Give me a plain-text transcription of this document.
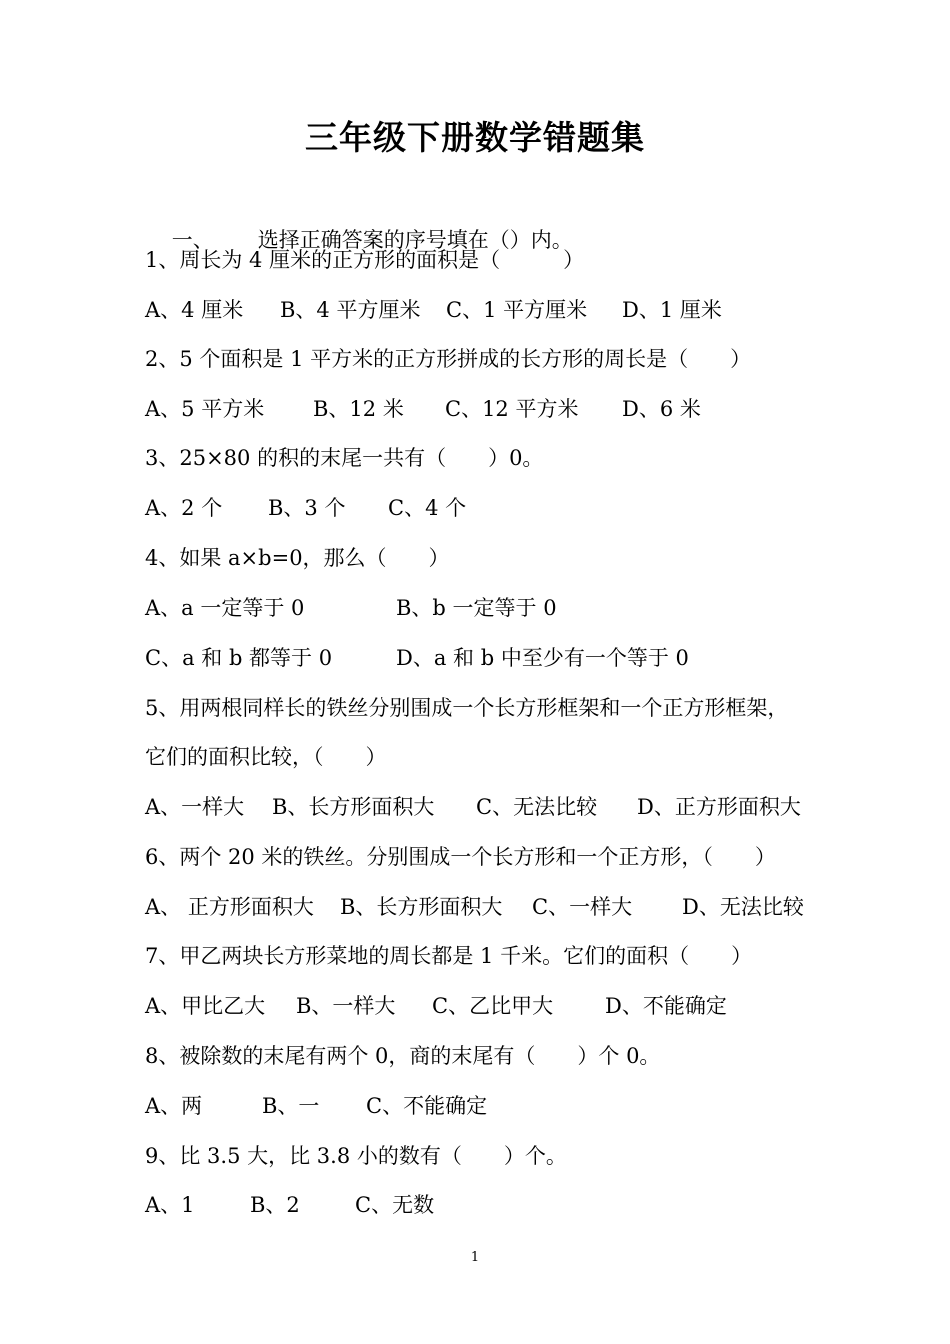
三年级下册数学错题集

一、 选择正确答案的序号填在（）内。

1、周长为 4 厘米的正方形的面积是（　　　）
A、4 厘米 B、4 平方厘米 C、1 平方厘米 D、1 厘米
2、5 个面积是 1 平方米的正方形拼成的长方形的周长是（　　）
A、5 平方米 B、12 米 C、12 平方米 D、6 米
3、25×80 的积的末尾一共有（　　）0。
A、2 个 B、3 个 C、4 个
4、如果 a×b=0，那么（　　）
A、a 一定等于 0	B、b 一定等于 0
C、a 和 b 都等于 0	D、a 和 b 中至少有一个等于 0
5、用两根同样长的铁丝分别围成一个长方形框架和一个正方形框架，
它们的面积比较，（　　）
A、一样大 B、长方形面积大 C、无法比较 D、正方形面积大
6、两个 20 米的铁丝。分别围成一个长方形和一个正方形，（　　）
A、 正方形面积大 B、长方形面积大 C、一样大 D、无法比较
7、甲乙两块长方形菜地的周长都是 1 千米。它们的面积（　　）
A、甲比乙大 B、一样大 C、乙比甲大 D、不能确定
8、被除数的末尾有两个 0，商的末尾有（　　）个 0。
A、两	B、一 C、不能确定
9、比 3.5 大，比 3.8 小的数有（　　）个。
A、1	B、2	C、无数
1
